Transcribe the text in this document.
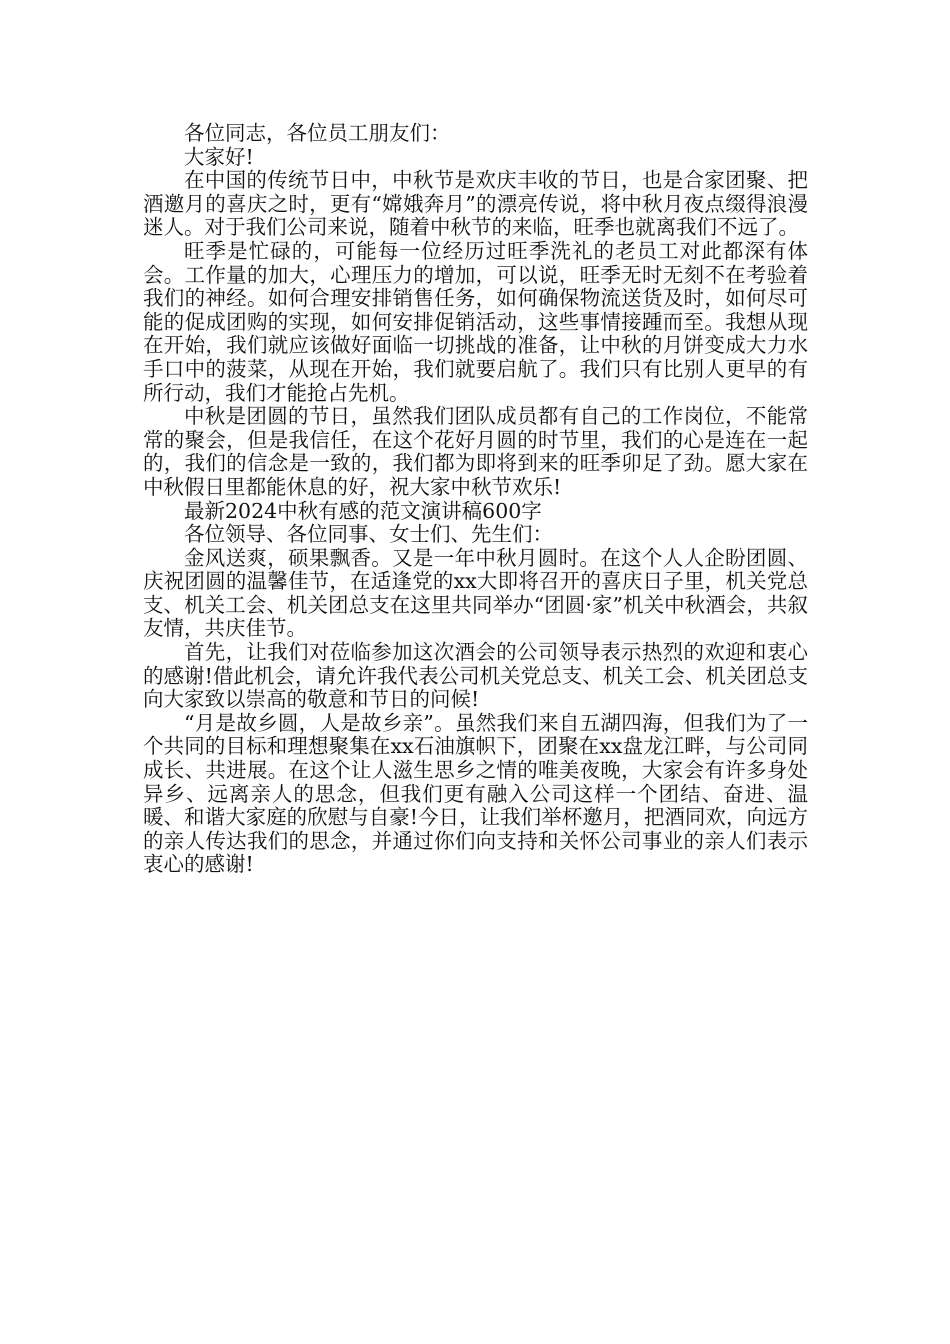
各位同志，各位员工朋友们：

大家好!

在中国的传统节日中，中秋节是欢庆丰收的节日，也是合家团聚、把酒邀月的喜庆之时，更有“嫦娥奔月”的漂亮传说，将中秋月夜点缀得浪漫迷人。对于我们公司来说，随着中秋节的来临，旺季也就离我们不远了。

旺季是忙碌的，可能每一位经历过旺季洗礼的老员工对此都深有体会。工作量的加大，心理压力的增加，可以说，旺季无时无刻不在考验着我们的神经。如何合理安排销售任务，如何确保物流送货及时，如何尽可能的促成团购的实现，如何安排促销活动，这些事情接踵而至。我想从现在开始，我们就应该做好面临一切挑战的准备，让中秋的月饼变成大力水手口中的菠菜，从现在开始，我们就要启航了。我们只有比别人更早的有所行动，我们才能抢占先机。

中秋是团圆的节日，虽然我们团队成员都有自己的工作岗位，不能常常的聚会，但是我信任，在这个花好月圆的时节里，我们的心是连在一起的，我们的信念是一致的，我们都为即将到来的旺季卯足了劲。愿大家在中秋假日里都能休息的好，祝大家中秋节欢乐!

最新2024中秋有感的范文演讲稿600字

各位领导、各位同事、女士们、先生们：

金风送爽，硕果飘香。又是一年中秋月圆时。在这个人人企盼团圆、庆祝团圆的温馨佳节，在适逢党的xx大即将召开的喜庆日子里，机关党总支、机关工会、机关团总支在这里共同举办“团圆·家”机关中秋酒会，共叙友情，共庆佳节。

首先，让我们对莅临参加这次酒会的公司领导表示热烈的欢迎和衷心的感谢!借此机会，请允许我代表公司机关党总支、机关工会、机关团总支向大家致以崇高的敬意和节日的问候!

“月是故乡圆，人是故乡亲”。虽然我们来自五湖四海，但我们为了一个共同的目标和理想聚集在xx石油旗帜下，团聚在xx盘龙江畔，与公司同成长、共进展。在这个让人滋生思乡之情的唯美夜晚，大家会有许多身处异乡、远离亲人的思念，但我们更有融入公司这样一个团结、奋进、温暖、和谐大家庭的欣慰与自豪!今日，让我们举杯邀月，把酒同欢，向远方的亲人传达我们的思念，并通过你们向支持和关怀公司事业的亲人们表示衷心的感谢!
